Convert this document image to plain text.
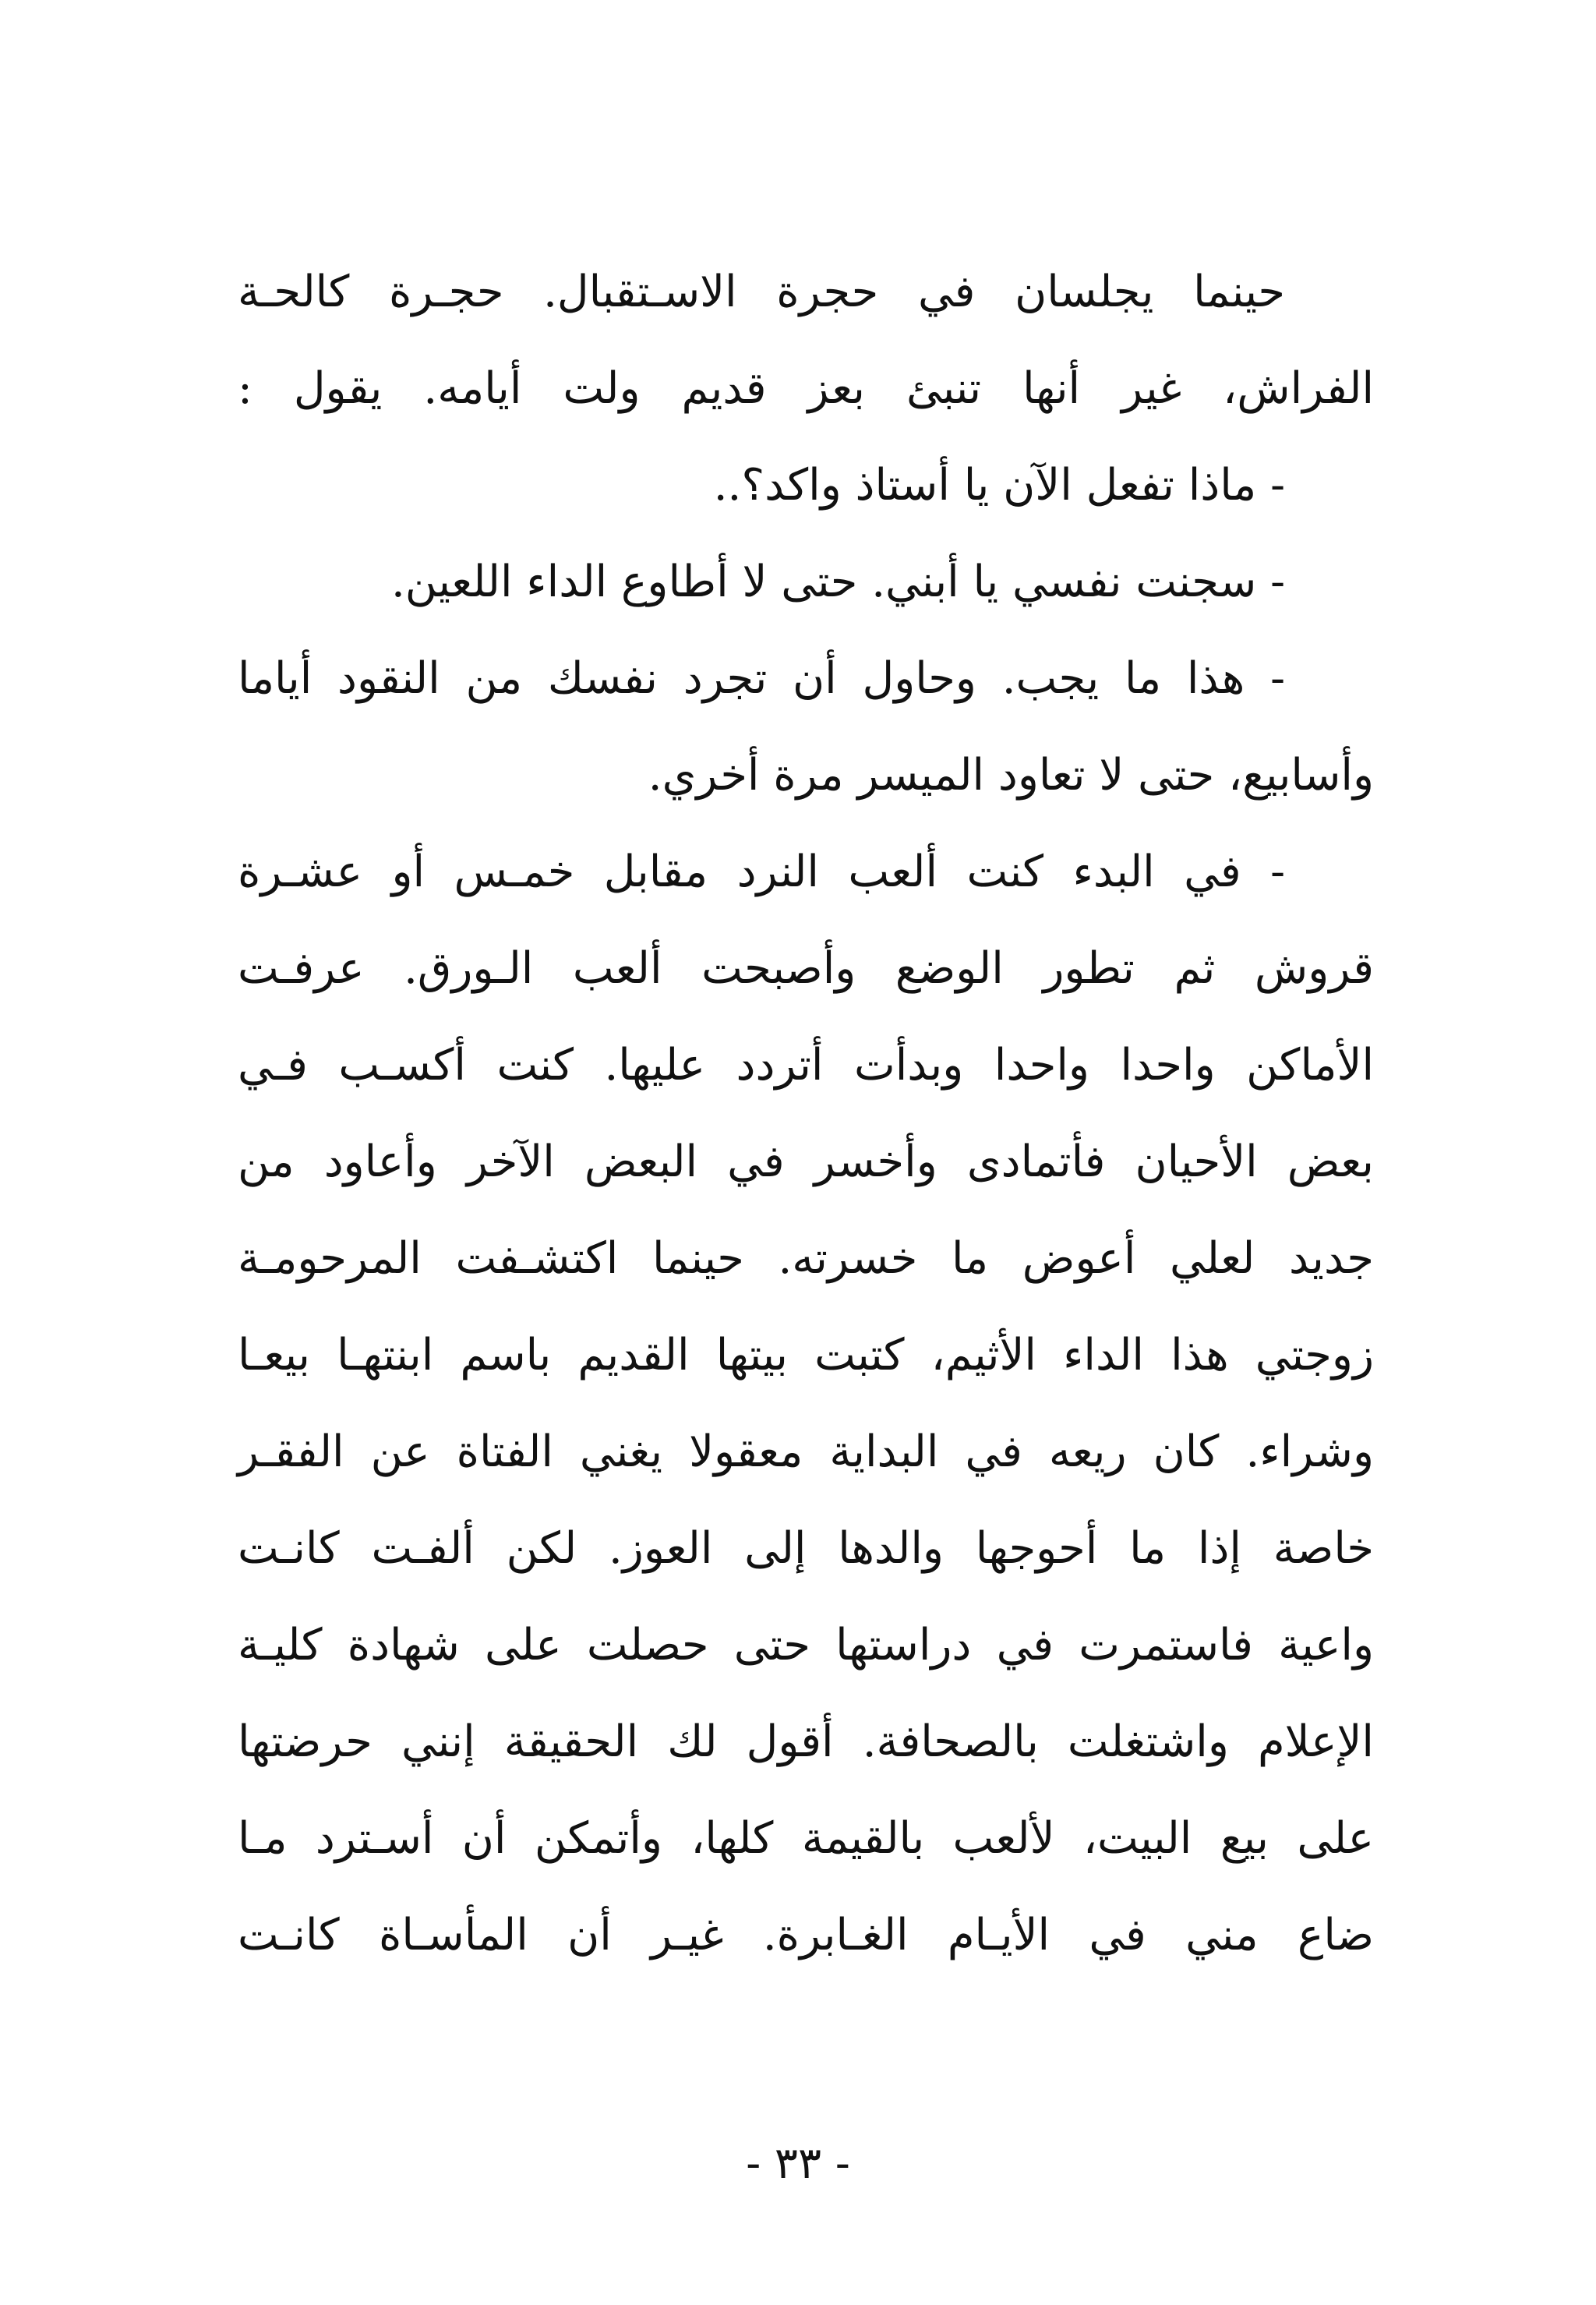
حينما يجلسان في حجرة الاسـتقبال. حجـرة كالحـة
الفراش، غير أنها تنبئ بعز قديم ولت أيامه. يقول :
- ماذا تفعل الآن يا أستاذ واكد؟..
- سجنت نفسي يا أبني. حتى لا أطاوع الداء اللعين.
- هذا ما يجب. وحاول أن تجرد نفسك من النقود أياما
وأسابيع، حتى لا تعاود الميسر مرة أخري.
- في البدء كنت ألعب النرد مقابل خمـس أو عشـرة
قروش ثم تطور الوضع وأصبحت ألعب الـورق. عرفـت
الأماكن واحدا واحدا وبدأت أتردد عليها. كنت أكسـب فـي
بعض الأحيان فأتمادى وأخسر في البعض الآخر وأعاود من
جديد لعلي أعوض ما خسرته. حينما اكتشـفت المرحومـة
زوجتي هذا الداء الأثيم، كتبت بيتها القديم باسم ابنتهـا بيعـا
وشراء. كان ريعه في البداية معقولا يغني الفتاة عن الفقـر
خاصة إذا ما أحوجها والدها إلى العوز. لكن ألفـت كانـت
واعية فاستمرت في دراستها حتى حصلت على شهادة كليـة
الإعلام واشتغلت بالصحافة. أقول لك الحقيقة إنني حرضتها
على بيع البيت، لألعب بالقيمة كلها، وأتمكن أن أسـترد مـا
ضاع مني في الأيـام الغـابرة. غيـر أن المأسـاة كانـت
- ٣٣ -
